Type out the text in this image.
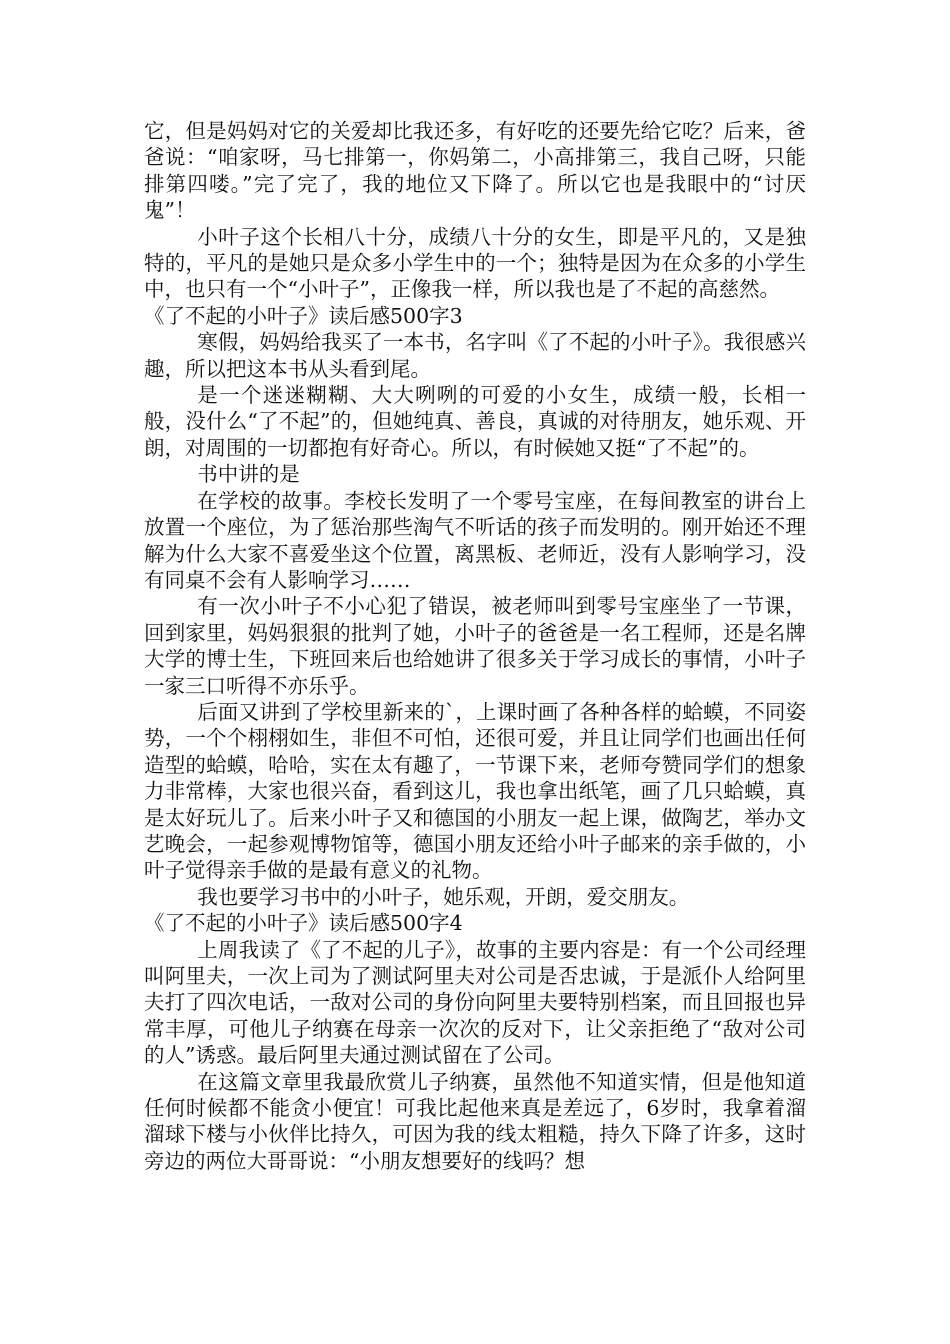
它，但是妈妈对它的关爱却比我还多，有好吃的还要先给它吃？后来，爸爸说：“咱家呀，马七排第一，你妈第二，小高排第三，我自己呀，只能排第四喽。”完了完了，我的地位又下降了。所以它也是我眼中的“讨厌鬼”！

小叶子这个长相八十分，成绩八十分的女生，即是平凡的，又是独特的，平凡的是她只是众多小学生中的一个；独特是因为在众多的小学生中，也只有一个“小叶子”，正像我一样，所以我也是了不起的高慈然。

《了不起的小叶子》读后感500字3

寒假，妈妈给我买了一本书，名字叫《了不起的小叶子》。我很感兴趣，所以把这本书从头看到尾。

是一个迷迷糊糊、大大咧咧的可爱的小女生，成绩一般，长相一般，没什么“了不起”的，但她纯真、善良，真诚的对待朋友，她乐观、开朗，对周围的一切都抱有好奇心。所以，有时候她又挺“了不起”的。

书中讲的是

在学校的故事。李校长发明了一个零号宝座，在每间教室的讲台上放置一个座位，为了惩治那些淘气不听话的孩子而发明的。刚开始还不理解为什么大家不喜爱坐这个位置，离黑板、老师近，没有人影响学习，没有同桌不会有人影响学习……

有一次小叶子不小心犯了错误，被老师叫到零号宝座坐了一节课，回到家里，妈妈狠狠的批判了她，小叶子的爸爸是一名工程师，还是名牌大学的博士生，下班回来后也给她讲了很多关于学习成长的事情，小叶子一家三口听得不亦乐乎。

后面又讲到了学校里新来的`，上课时画了各种各样的蛤蟆，不同姿势，一个个栩栩如生，非但不可怕，还很可爱，并且让同学们也画出任何造型的蛤蟆，哈哈，实在太有趣了，一节课下来，老师夸赞同学们的想象力非常棒，大家也很兴奋，看到这儿，我也拿出纸笔，画了几只蛤蟆，真是太好玩儿了。后来小叶子又和德国的小朋友一起上课，做陶艺，举办文艺晚会，一起参观博物馆等，德国小朋友还给小叶子邮来的亲手做的，小叶子觉得亲手做的是最有意义的礼物。

我也要学习书中的小叶子，她乐观，开朗，爱交朋友。

《了不起的小叶子》读后感500字4

上周我读了《了不起的儿子》，故事的主要内容是：有一个公司经理叫阿里夫，一次上司为了测试阿里夫对公司是否忠诚，于是派仆人给阿里夫打了四次电话，一敌对公司的身份向阿里夫要特别档案，而且回报也异常丰厚，可他儿子纳赛在母亲一次次的反对下，让父亲拒绝了“敌对公司的人”诱惑。最后阿里夫通过测试留在了公司。

在这篇文章里我最欣赏儿子纳赛，虽然他不知道实情，但是他知道任何时候都不能贪小便宜！可我比起他来真是差远了，6岁时，我拿着溜溜球下楼与小伙伴比持久，可因为我的线太粗糙，持久下降了许多，这时旁边的两位大哥哥说：“小朋友想要好的线吗？想
